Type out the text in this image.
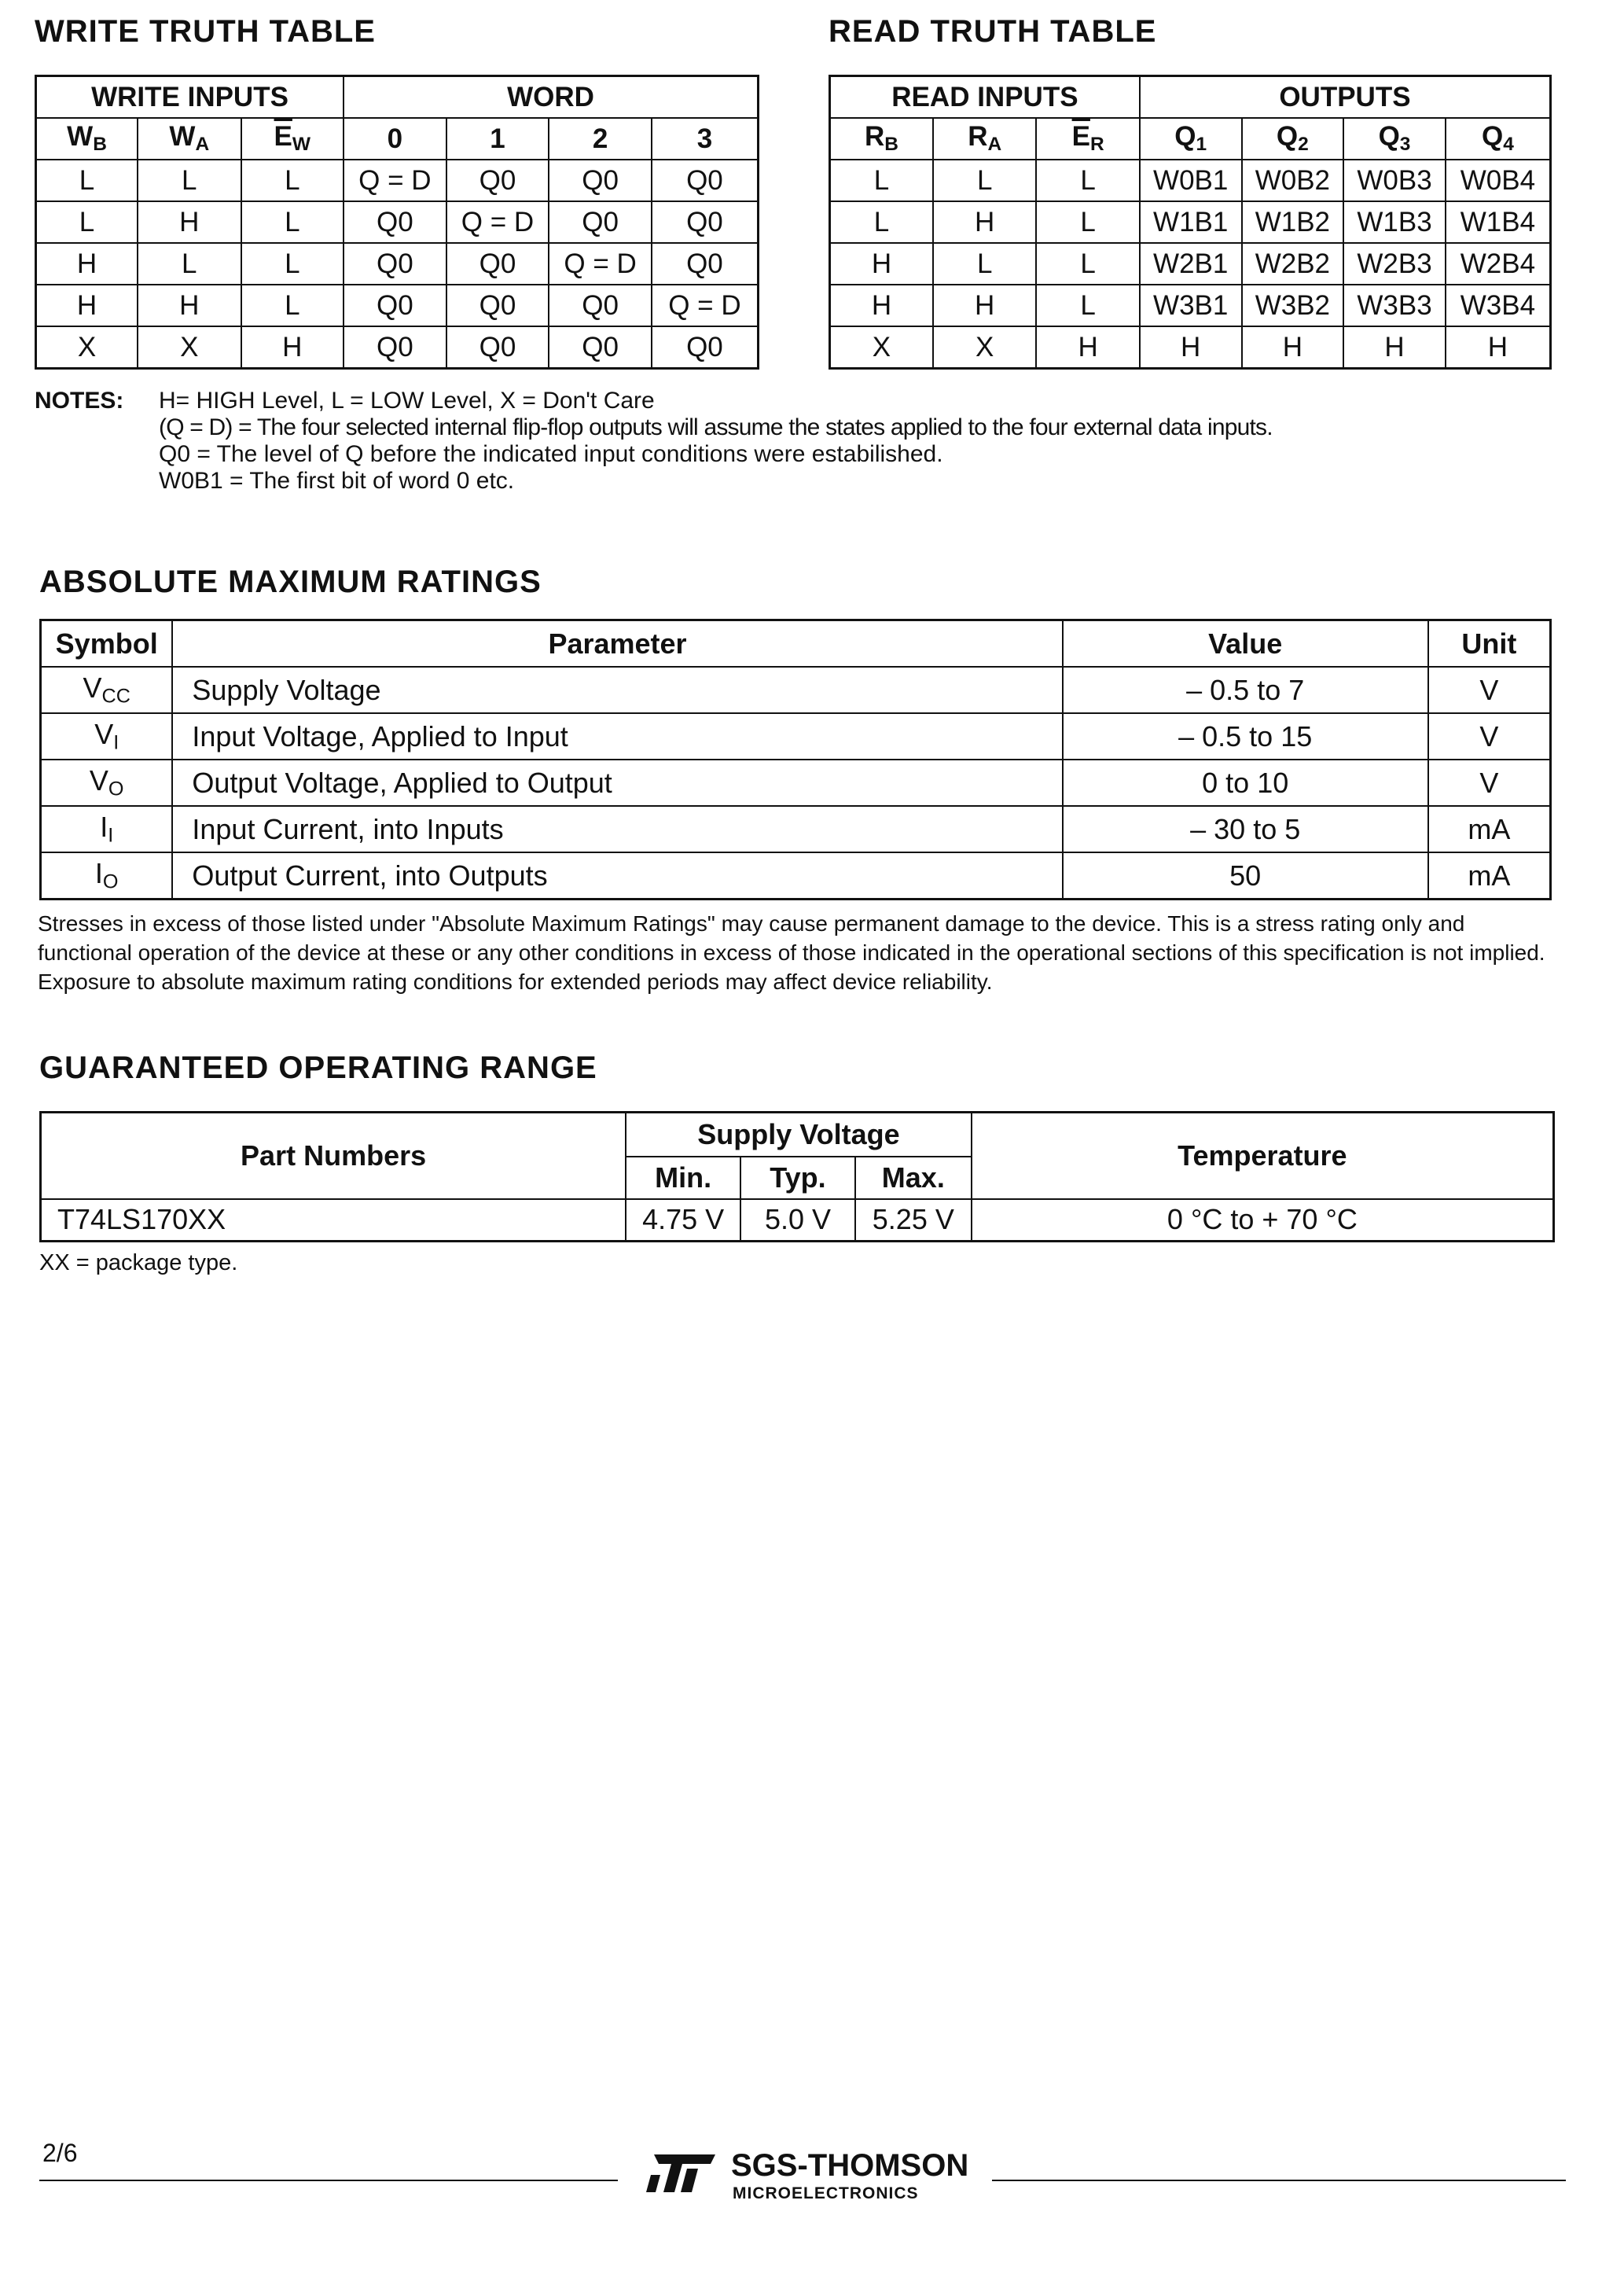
WRITE TRUTH TABLE
WRITE INPUTS			WORD			
$W_B$	$W_A$	$\overline{E}_W$	0	1	2	3
L	L	L	Q = D	Q0	Q0	Q0
L	H	L	Q0	Q = D	Q0	Q0
H	L	L	Q0	Q0	Q = D	Q0
H	H	L	Q0	Q0	Q0	Q = D
X	X	H	Q0	Q0	Q0	Q0
READ TRUTH TABLE
READ INPUTS			OUTPUTS			
$R_B$	$R_A$	$\overline{E}_R$	$Q_1$	$Q_2$	$Q_3$	$Q_4$
L	L	L	W0B1	W0B2	W0B3	W0B4
L	H	L	W1B1	W1B2	W1B3	W1B4
H	L	L	W2B1	W2B2	W2B3	W2B4
H	H	L	W3B1	W3B2	W3B3	W3B4
X	X	H	H	H	H	H
NOTES: H= HIGH Level, L = LOW Level, X = Don't Care
(Q = D) = The four selected internal flip-flop outputs will assume the states applied to the four external data inputs.
Q0 = The level of Q before the indicated input conditions were estabilished.
W0B1 = The first bit of word 0 etc.
ABSOLUTE MAXIMUM RATINGS
Symbol	Parameter	Value	Unit
$V_{CC}$	Supply Voltage	– 0.5 to 7	V
$V_I$	Input Voltage, Applied to Input	– 0.5 to 15	V
$V_O$	Output Voltage, Applied to Output	0 to 10	V
$I_I$	Input Current, into Inputs	– 30 to 5	mA
$I_O$	Output Current, into Outputs	50	mA
Stresses in excess of those listed under "Absolute Maximum Ratings" may cause permanent damage to the device. This is a stress rating only and functional operation of the device at these or any other conditions in excess of those indicated in the operational sections of this specification is not implied. Exposure to absolute maximum rating conditions for extended periods may affect device reliability.
GUARANTEED OPERATING RANGE
Part Numbers	Supply Voltage			Temperature
	Min.	Typ.	Max.	
T74LS170XX	4.75 V	5.0 V	5.25 V	0 °C to + 70 °C
XX = package type.
2/6	SGS-THOMSON
MICROELECTRONICS
